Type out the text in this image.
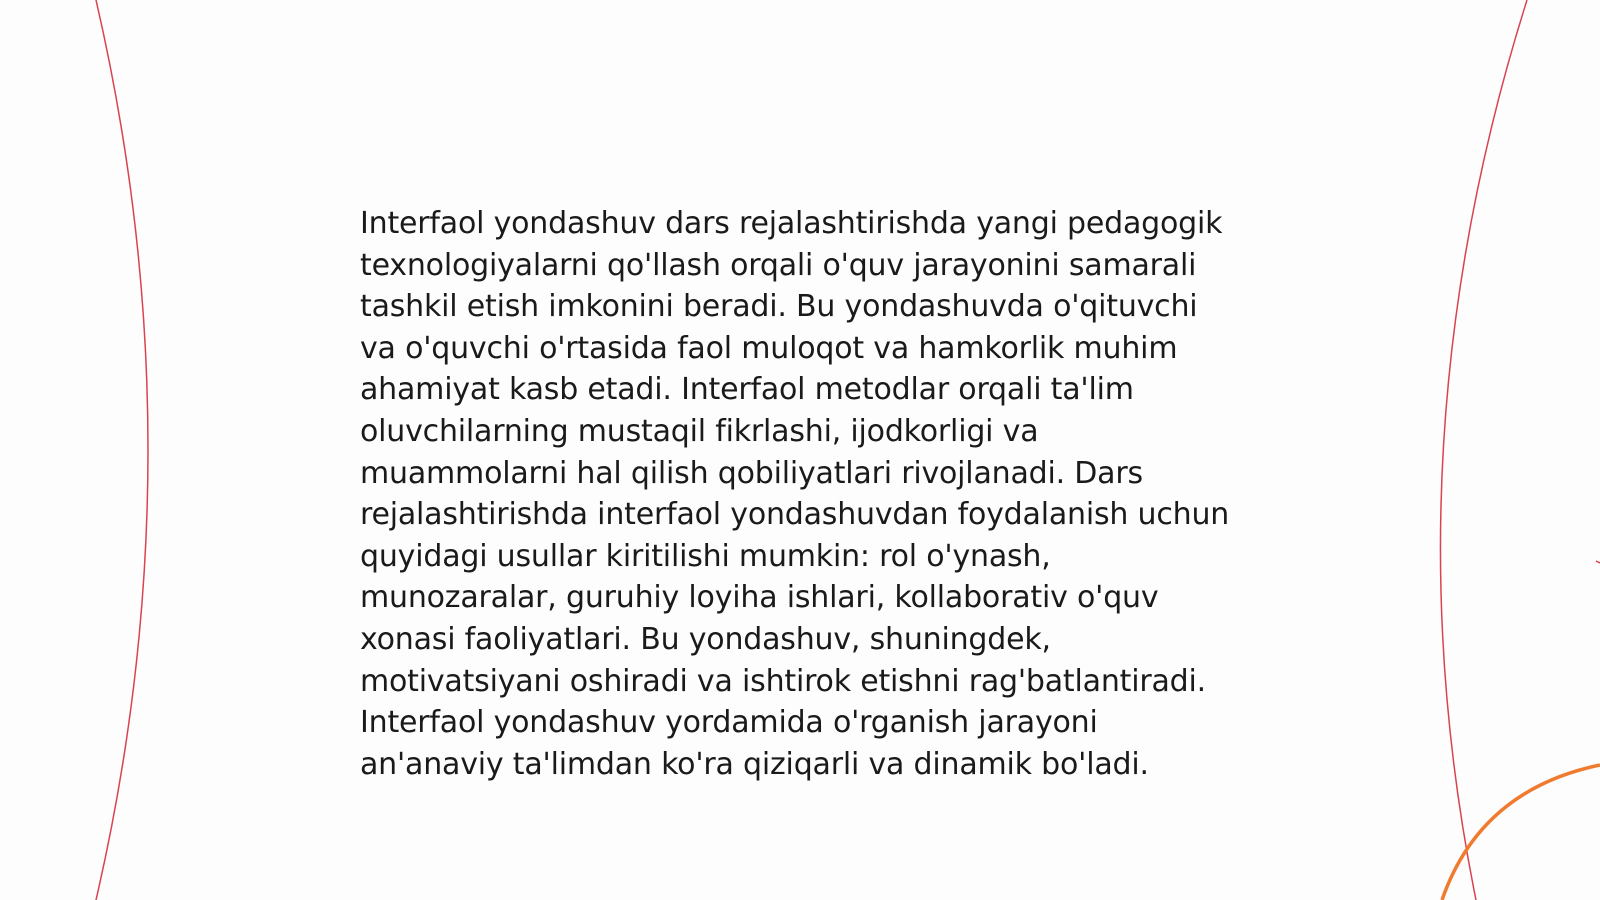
Interfaol yondashuv dars rejalashtirishda yangi pedagogik texnologiyalarni qo'llash orqali o'quv jarayonini samarali tashkil etish imkonini beradi. Bu yondashuvda o'qituvchi va o'quvchi o'rtasida faol muloqot va hamkorlik muhim ahamiyat kasb etadi. Interfaol metodlar orqali ta'lim oluvchilarning mustaqil fikrlashi, ijodkorligi va muammolarni hal qilish qobiliyatlari rivojlanadi. Dars rejalashtirishda interfaol yondashuvdan foydalanish uchun quyidagi usullar kiritilishi mumkin: rol o'ynash, munozaralar, guruhiy loyiha ishlari, kollaborativ o'quv xonasi faoliyatlari. Bu yondashuv, shuningdek, motivatsiyani oshiradi va ishtirok etishni rag'batlantiradi. Interfaol yondashuv yordamida o'rganish jarayoni an'anaviy ta'limdan ko'ra qiziqarli va dinamik bo'ladi.
